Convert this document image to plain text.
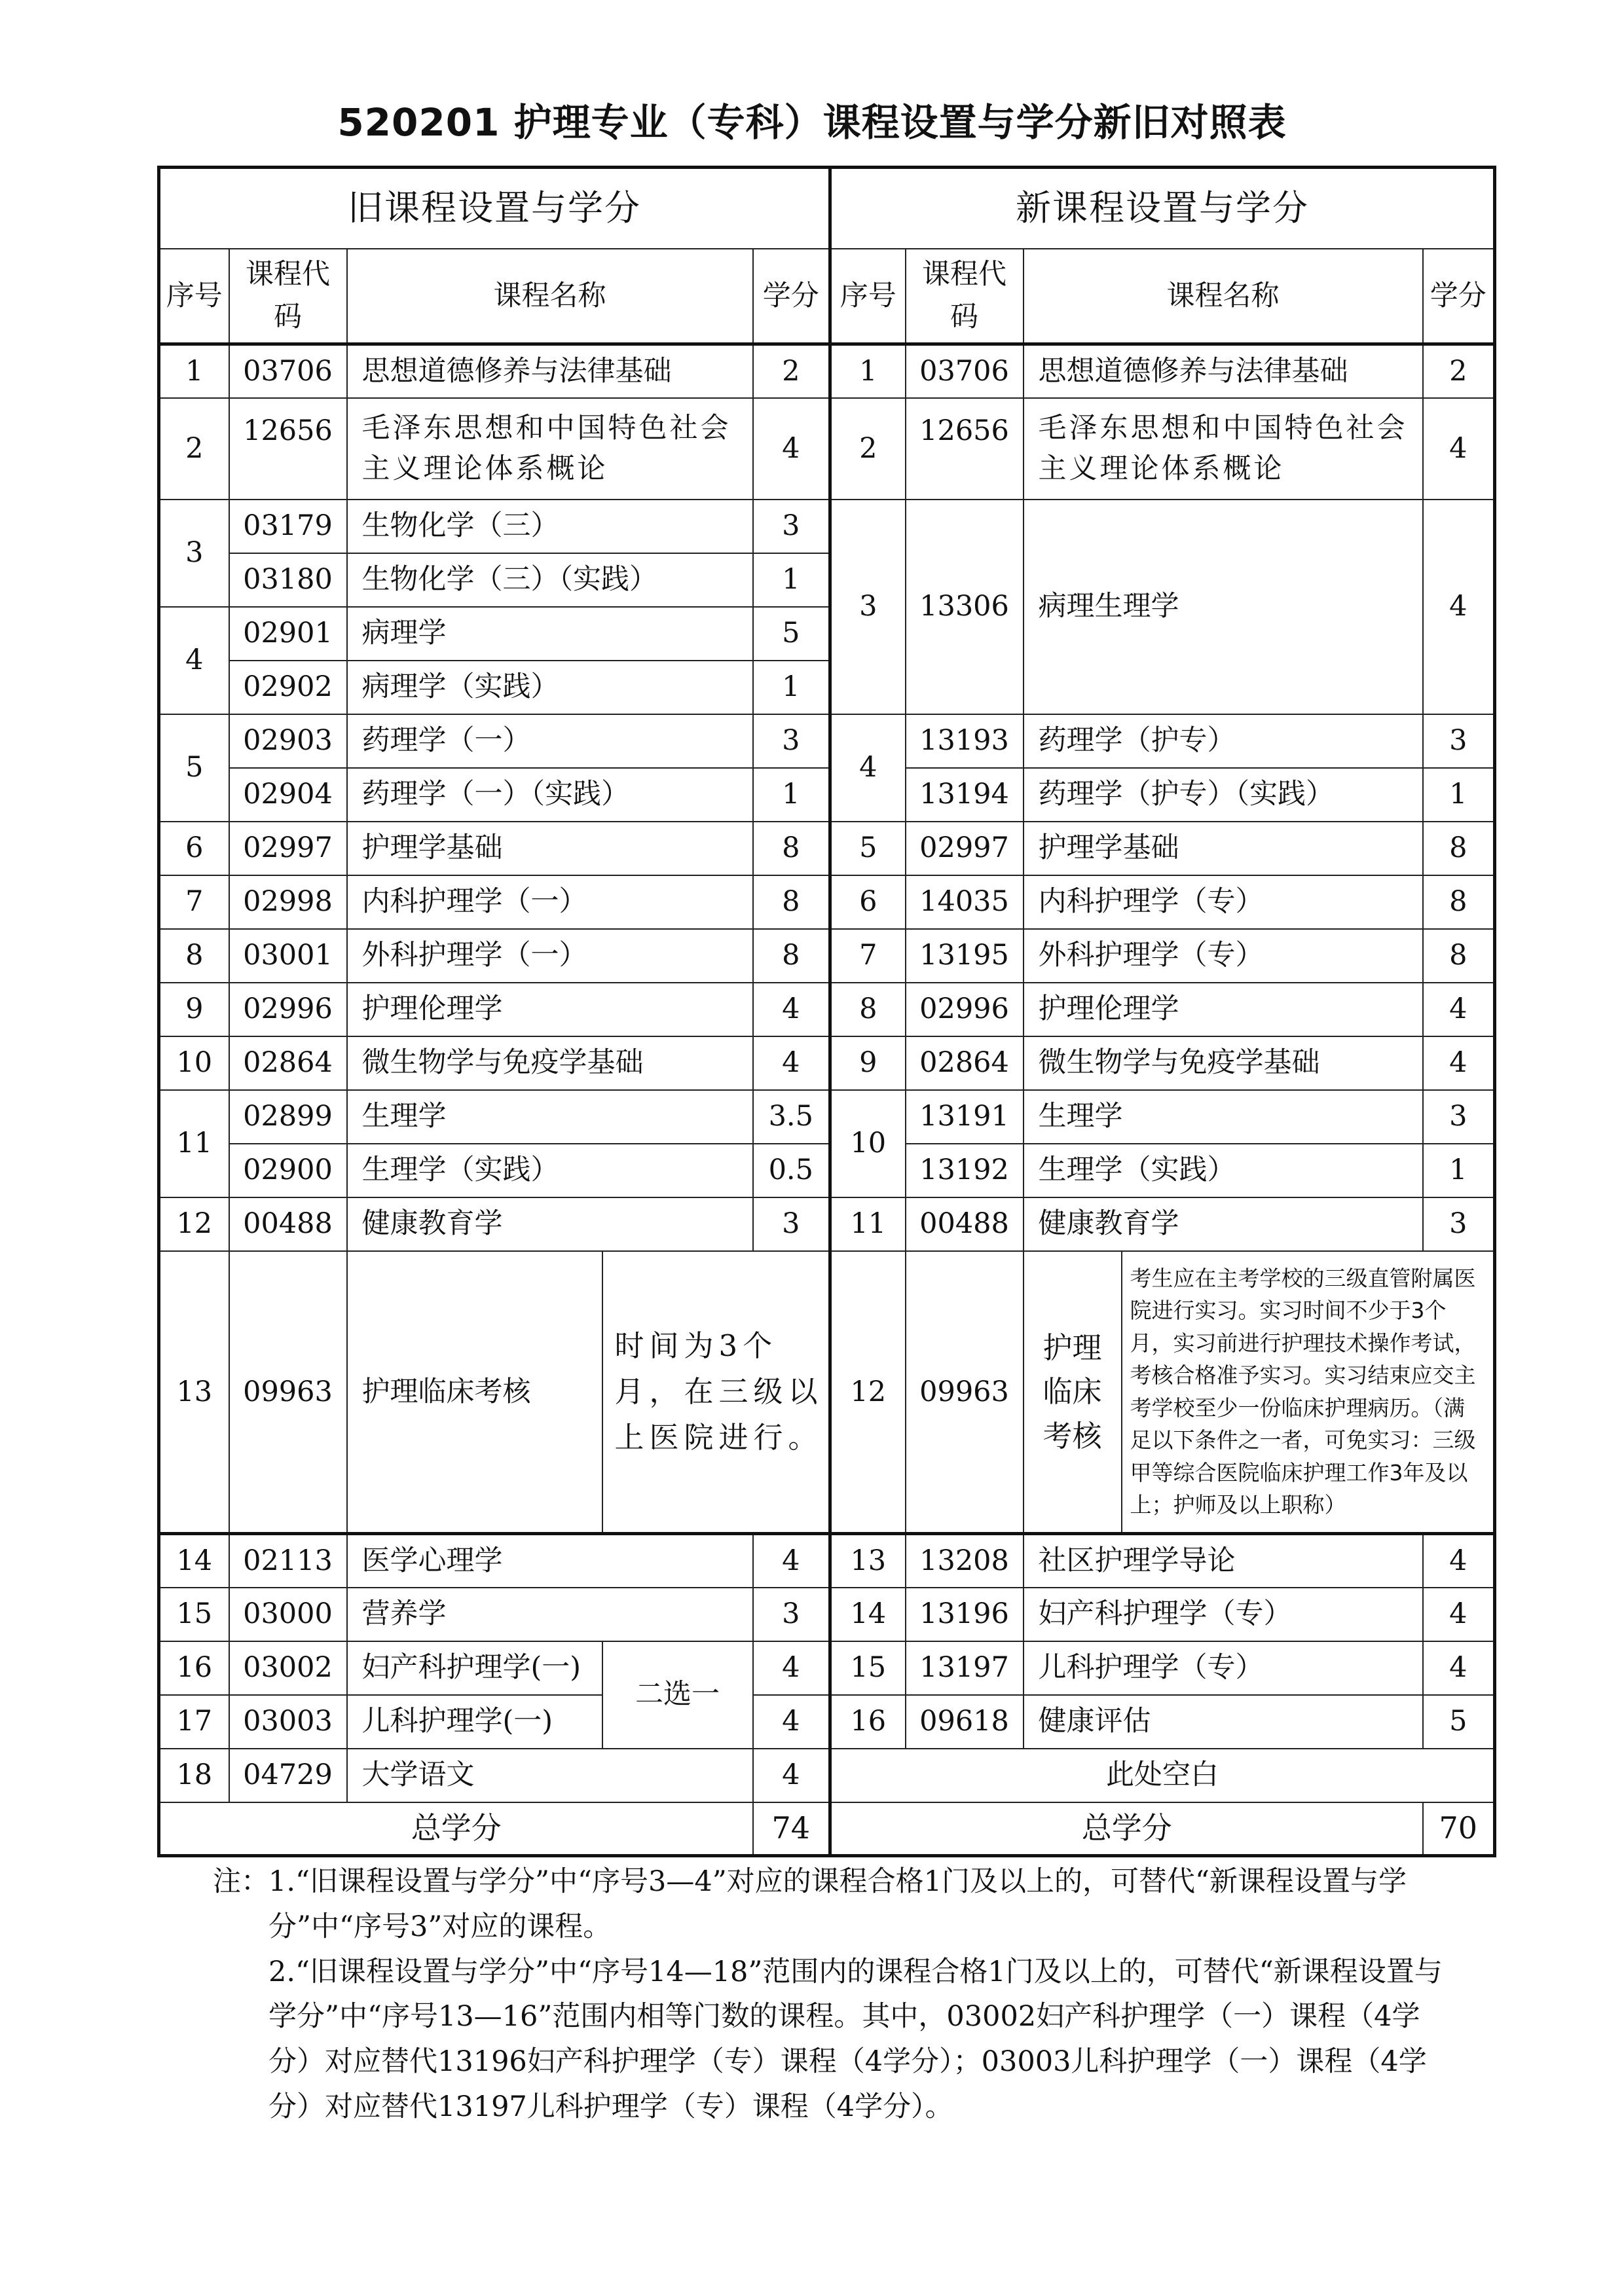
520201 护理专业（专科）课程设置与学分新旧对照表
旧课程设置与学分					新课程设置与学分				
序号	课程代码	课程名称		学分	序号	课程代码	课程名称		学分
1	03706	思想道德修养与法律基础		2	1	03706	思想道德修养与法律基础		2
2	12656	毛泽东思想和中国特色社会主义理论体系概论		4	2	12656	毛泽东思想和中国特色社会主义理论体系概论		4
3	03179	生物化学（三）		3	3	13306	病理生理学		4
	03180	生物化学（三）（实践）		1					
4	02901	病理学		5					
	02902	病理学（实践）		1					
5	02903	药理学（一）		3	4	13193	药理学（护专）		3
	02904	药理学（一）（实践）		1		13194	药理学（护专）（实践）		1
6	02997	护理学基础		8	5	02997	护理学基础		8
7	02998	内科护理学（一）		8	6	14035	内科护理学（专）		8
8	03001	外科护理学（一）		8	7	13195	外科护理学（专）		8
9	02996	护理伦理学		4	8	02996	护理伦理学		4
10	02864	微生物学与免疫学基础		4	9	02864	微生物学与免疫学基础		4
11	02899	生理学		3.5	10	13191	生理学		3
	02900	生理学（实践）		0.5		13192	生理学（实践）		1
12	00488	健康教育学		3	11	00488	健康教育学		3
13	09963	护理临床考核	时间为3个月，在三级以上医院进行。		12	09963	护理临床考核	考生应在主考学校的三级直管附属医院进行实习。实习时间不少于3个月，实习前进行护理技术操作考试，考核合格准予实习。实习结束应交主考学校至少一份临床护理病历。（满足以下条件之一者，可免实习：三级甲等综合医院临床护理工作3年及以上；护师及以上职称）	
14	02113	医学心理学		4	13	13208	社区护理学导论		4
15	03000	营养学		3	14	13196	妇产科护理学（专）		4
16	03002	妇产科护理学(一)	二选一	4	15	13197	儿科护理学（专）		4
17	03003	儿科护理学(一)		4	16	09618	健康评估		5
18	04729	大学语文		4	此处空白				
总学分				74	总学分				70
注： 1.“旧课程设置与学分”中“序号3—4”对应的课程合格1门及以上的，可替代“新课程设置与学分”中“序号3”对应的课程。
2.“旧课程设置与学分”中“序号14—18”范围内的课程合格1门及以上的，可替代“新课程设置与学分”中“序号13—16”范围内相等门数的课程。其中，03002妇产科护理学（一）课程（4学分）对应替代13196妇产科护理学（专）课程（4学分）；03003儿科护理学（一）课程（4学分）对应替代13197儿科护理学（专）课程（4学分）。
